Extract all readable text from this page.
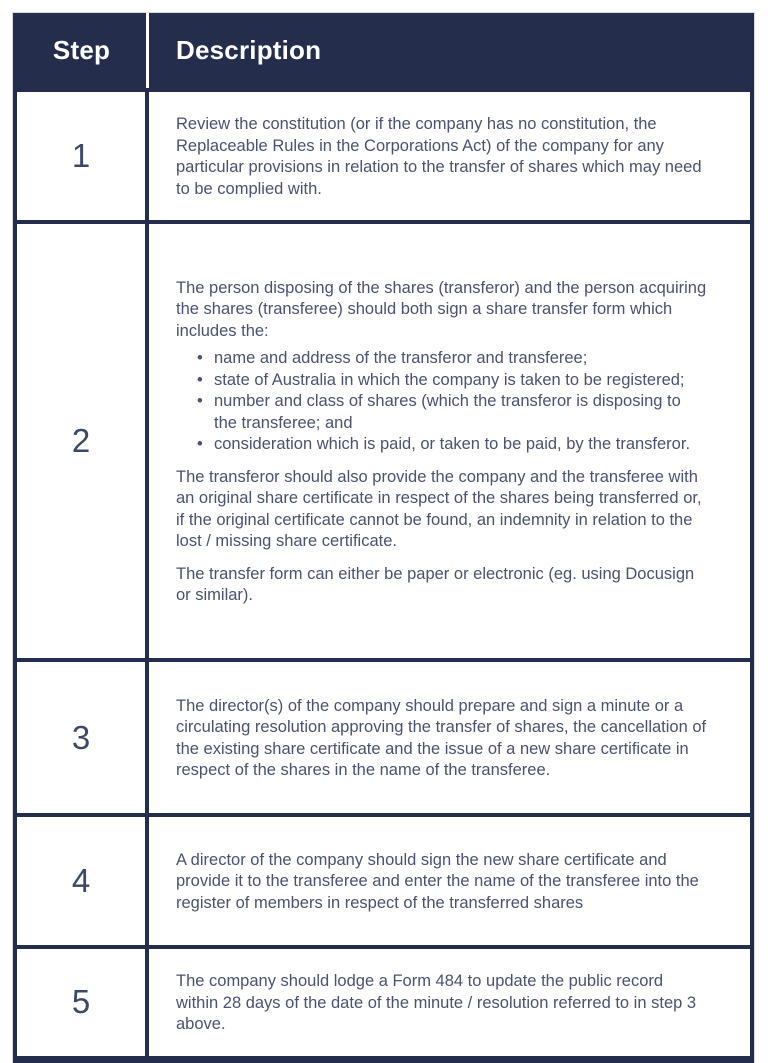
Step	Description
1

Review the constitution (or if the company has no constitution, the Replaceable Rules in the Corporations Act) of the company for any particular provisions in relation to the transfer of shares which may need to be complied with.

2

The person disposing of the shares (transferor) and the person acquiring the shares (transferee) should both sign a share transfer form which includes the:

• name and address of the transferor and transferee;
• state of Australia in which the company is taken to be registered;
• number and class of shares (which the transferor is disposing to the transferee; and
• consideration which is paid, or taken to be paid, by the transferor.

The transferor should also provide the company and the transferee with an original share certificate in respect of the shares being transferred or, if the original certificate cannot be found, an indemnity in relation to the lost / missing share certificate.

The transfer form can either be paper or electronic (eg. using Docusign or similar).

3

The director(s) of the company should prepare and sign a minute or a circulating resolution approving the transfer of shares, the cancellation of the existing share certificate and the issue of a new share certificate in respect of the shares in the name of the transferee.

4

A director of the company should sign the new share certificate and provide it to the transferee and enter the name of the transferee into the register of members in respect of the transferred shares

5

The company should lodge a Form 484 to update the public record within 28 days of the date of the minute / resolution referred to in step 3 above.
